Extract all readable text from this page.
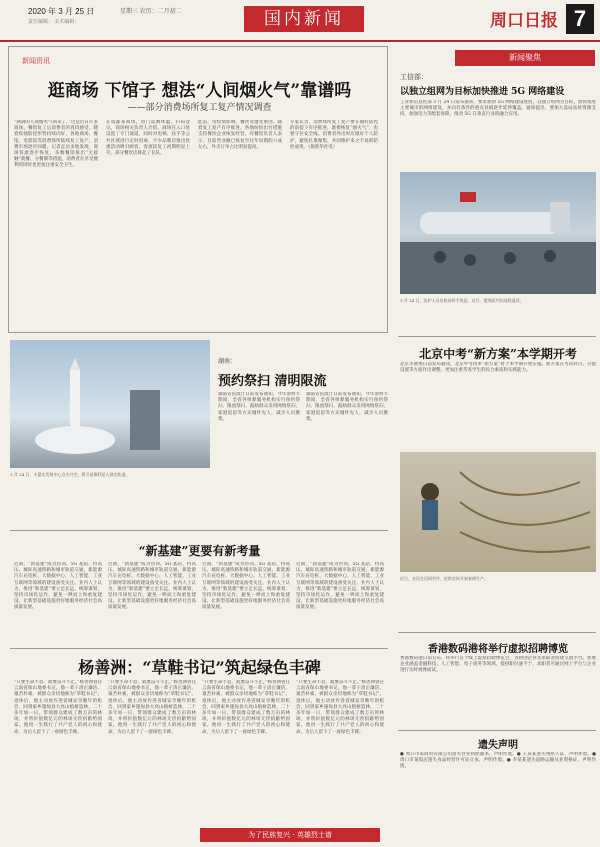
2020 年 3 月 25 日	星期三 农历：二月初二
责任编辑： 美术编辑：	国内新闻	周口日报 7
新闻资讯
逛商场 下馆子 想法“人间烟火气”靠谱吗
——部分消费场所复工复产情况调查
“满满的人间烟火气回来了。”这是近日许多商场、餐馆复工后消费者的真切感受。随着疫情防控形势持续向好，各地商场、餐馆、电影院等消费场所陆续复工复产，消费市场逐步回暖。记者走访多地发现，商场客流逐步恢复，多数餐馆推出“无接触”就餐、分餐制等措施，消费者在享受便利的同时也更加注重安全卫生。
在成都某商场，进门需测体温、扫码登记。商场相关负责人介绍，商场在入口处设置了专门通道，同时对电梯、扶手等公共区域进行定时消毒。不少品牌店推出优惠活动吸引顾客，客流较复工初期明显上升，部分餐饮店排起了长队。
此前，受疫情影响，餐饮业遭受重创。随着复工复产有序推进，各地纷纷出台措施支持餐饮企业恢复经营。有餐馆负责人表示，目前营业额已恢复至往年同期的六成左右，外卖订单占比明显提高。
专家认为，消费场所复工复产要在做好防控的前提下有序推进，既要恢复“烟火气”，也要守住安全线。消费者外出时应做好个人防护，避免扎堆聚集，共同维护来之不易的防控成果。（据新华社电）
新闻聚焦
工信部：
以独立组网为目标加快推进 5G 网络建设
工业和信息化部 3 月 24 日发布通知，要求加快 5G 网络建设进度，以独立组网为目标，加快推进主要城市的网络建设，并向有条件的重点县镇逐步延伸覆盖。通知提出，要加大基站站址资源支持，加强电力等配套保障，推动 5G 在垂直行业的融合应用。
3 月 24 日，医护人员在机场挥手致意。近日，援鄂医疗队陆续返回。
北京中考“新方案”本学期开考
北京市教委日前发布通知，北京中考改革“新方案”将于本学期开始实施。新方案在考试科目、分值设置等方面作出调整，更加注重考查学生的综合素质和实践能力。
近日，农民在田间劳作，抢抓农时开展春耕生产。
3 月 24 日，火箭在发射中心点火升空，将卫星顺利送入预定轨道。
湖南：
预约祭扫 清明限流
湖南省民政厅日前发布通知，今年清明节期间，全省各殡葬服务机构实行预约祭扫、限流祭扫，鼓励群众采用网络祭扫、家庭追思等方式缅怀先人，减少人员聚集。
湖南省民政厅日前发布通知，今年清明节期间，全省各殡葬服务机构实行预约祭扫、限流祭扫，鼓励群众采用网络祭扫、家庭追思等方式缅怀先人，减少人员聚集。
“新基建”更要有新考量
近期，“新基建”成为热词。5G 基站、特高压、城际高速铁路和城市轨道交通、新能源汽车充电桩、大数据中心、人工智能、工业互联网等领域的建设备受关注。业内人士认为，推进“新基建”要立足长远、统筹谋划，坚持市场化运作，避免一哄而上和重复建设，让新型基础设施更好地服务经济社会高质量发展。
近期，“新基建”成为热词。5G 基站、特高压、城际高速铁路和城市轨道交通、新能源汽车充电桩、大数据中心、人工智能、工业互联网等领域的建设备受关注。业内人士认为，推进“新基建”要立足长远、统筹谋划，坚持市场化运作，避免一哄而上和重复建设，让新型基础设施更好地服务经济社会高质量发展。
近期，“新基建”成为热词。5G 基站、特高压、城际高速铁路和城市轨道交通、新能源汽车充电桩、大数据中心、人工智能、工业互联网等领域的建设备受关注。业内人士认为，推进“新基建”要立足长远、统筹谋划，坚持市场化运作，避免一哄而上和重复建设，让新型基础设施更好地服务经济社会高质量发展。
近期，“新基建”成为热词。5G 基站、特高压、城际高速铁路和城市轨道交通、新能源汽车充电桩、大数据中心、人工智能、工业互联网等领域的建设备受关注。业内人士认为，推进“新基建”要立足长远、统筹谋划，坚持市场化运作，避免一哄而上和重复建设，让新型基础设施更好地服务经济社会高质量发展。
杨善洲：“草鞋书记”筑起绿色丰碑
“只要生命不息，就要奋斗不止。”杨善洲曾任云南省保山地委书记，他一辈子清正廉洁、艰苦朴素，被群众亲切地称为“草鞋书记”。退休后，他主动放弃进省城安享晚年的机会，回到家乡施甸县大亮山植树造林，二十多年如一日，带领群众建成了数万亩的林场，并将价值数亿元的林场无偿捐献给国家。他用一生践行了共产党人的初心和使命，为后人留下了一座绿色丰碑。
“只要生命不息，就要奋斗不止。”杨善洲曾任云南省保山地委书记，他一辈子清正廉洁、艰苦朴素，被群众亲切地称为“草鞋书记”。退休后，他主动放弃进省城安享晚年的机会，回到家乡施甸县大亮山植树造林，二十多年如一日，带领群众建成了数万亩的林场，并将价值数亿元的林场无偿捐献给国家。他用一生践行了共产党人的初心和使命，为后人留下了一座绿色丰碑。
“只要生命不息，就要奋斗不止。”杨善洲曾任云南省保山地委书记，他一辈子清正廉洁、艰苦朴素，被群众亲切地称为“草鞋书记”。退休后，他主动放弃进省城安享晚年的机会，回到家乡施甸县大亮山植树造林，二十多年如一日，带领群众建成了数万亩的林场，并将价值数亿元的林场无偿捐献给国家。他用一生践行了共产党人的初心和使命，为后人留下了一座绿色丰碑。
“只要生命不息，就要奋斗不止。”杨善洲曾任云南省保山地委书记，他一辈子清正廉洁、艰苦朴素，被群众亲切地称为“草鞋书记”。退休后，他主动放弃进省城安享晚年的机会，回到家乡施甸县大亮山植树造林，二十多年如一日，带领群众建成了数万亩的林场，并将价值数亿元的林场无偿捐献给国家。他用一生践行了共产党人的初心和使命，为后人留下了一座绿色丰碑。
为了民族复兴 · 英雄烈士谱
香港数码港将举行虚拟招聘博览
香港数码港日前宣布，将举行首个线上虚拟招聘博览会，为初创企业及求职者搭建交流平台。参展企业涵盖金融科技、人工智能、电子商务等领域，提供职位逾千个，求职者可通过网上平台与企业进行实时视像面试。
遗失声明
● 周口市某商贸有限公司遗失营业执照副本，声明作废。● 王某某遗失残疾人证，声明作废。● 周口市某饭店遗失食品经营许可证正本，声明作废。● 李某某遗失道路运输从业资格证，声明作废。
